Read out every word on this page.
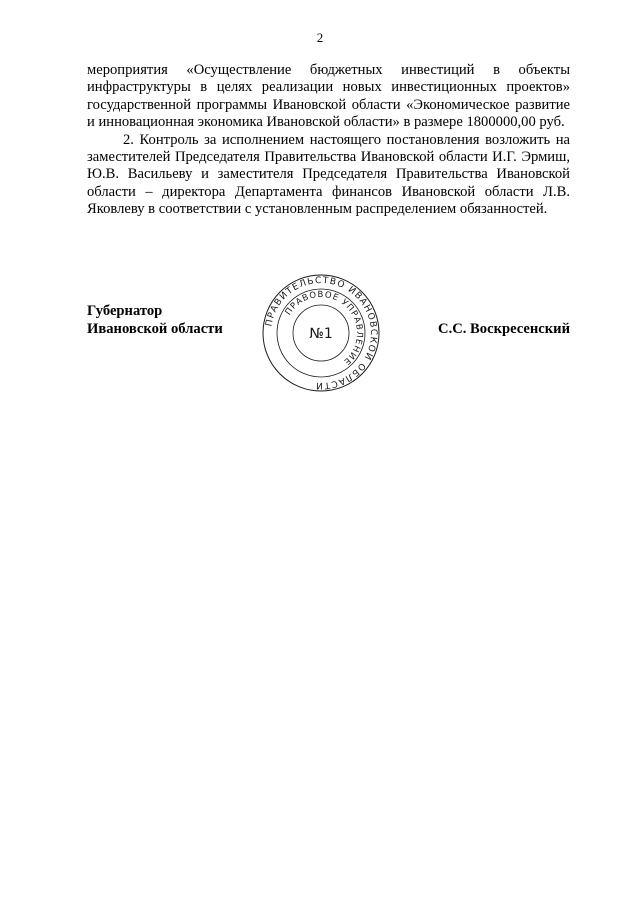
2

мероприятия «Осуществление бюджетных инвестиций в объекты инфраструктуры в целях реализации новых инвестиционных проектов» государственной программы Ивановской области «Экономическое развитие и инновационная экономика Ивановской области» в размере 1800000,00 руб.

2. Контроль за исполнением настоящего постановления возложить на заместителей Председателя Правительства Ивановской области И.Г. Эрмиш, Ю.В. Васильеву и заместителя Председателя Правительства Ивановской области – директора Департамента финансов Ивановской области Л.В. Яковлеву в соответствии с установленным распределением обязанностей.

Губернатор
Ивановской области	С.С. Воскресенский
ПРАВИТЕЛЬСТВО ИВАНОВСКОЙ ОБЛАСТИ
ПРАВОВОЕ УПРАВЛЕНИЕ
№1
